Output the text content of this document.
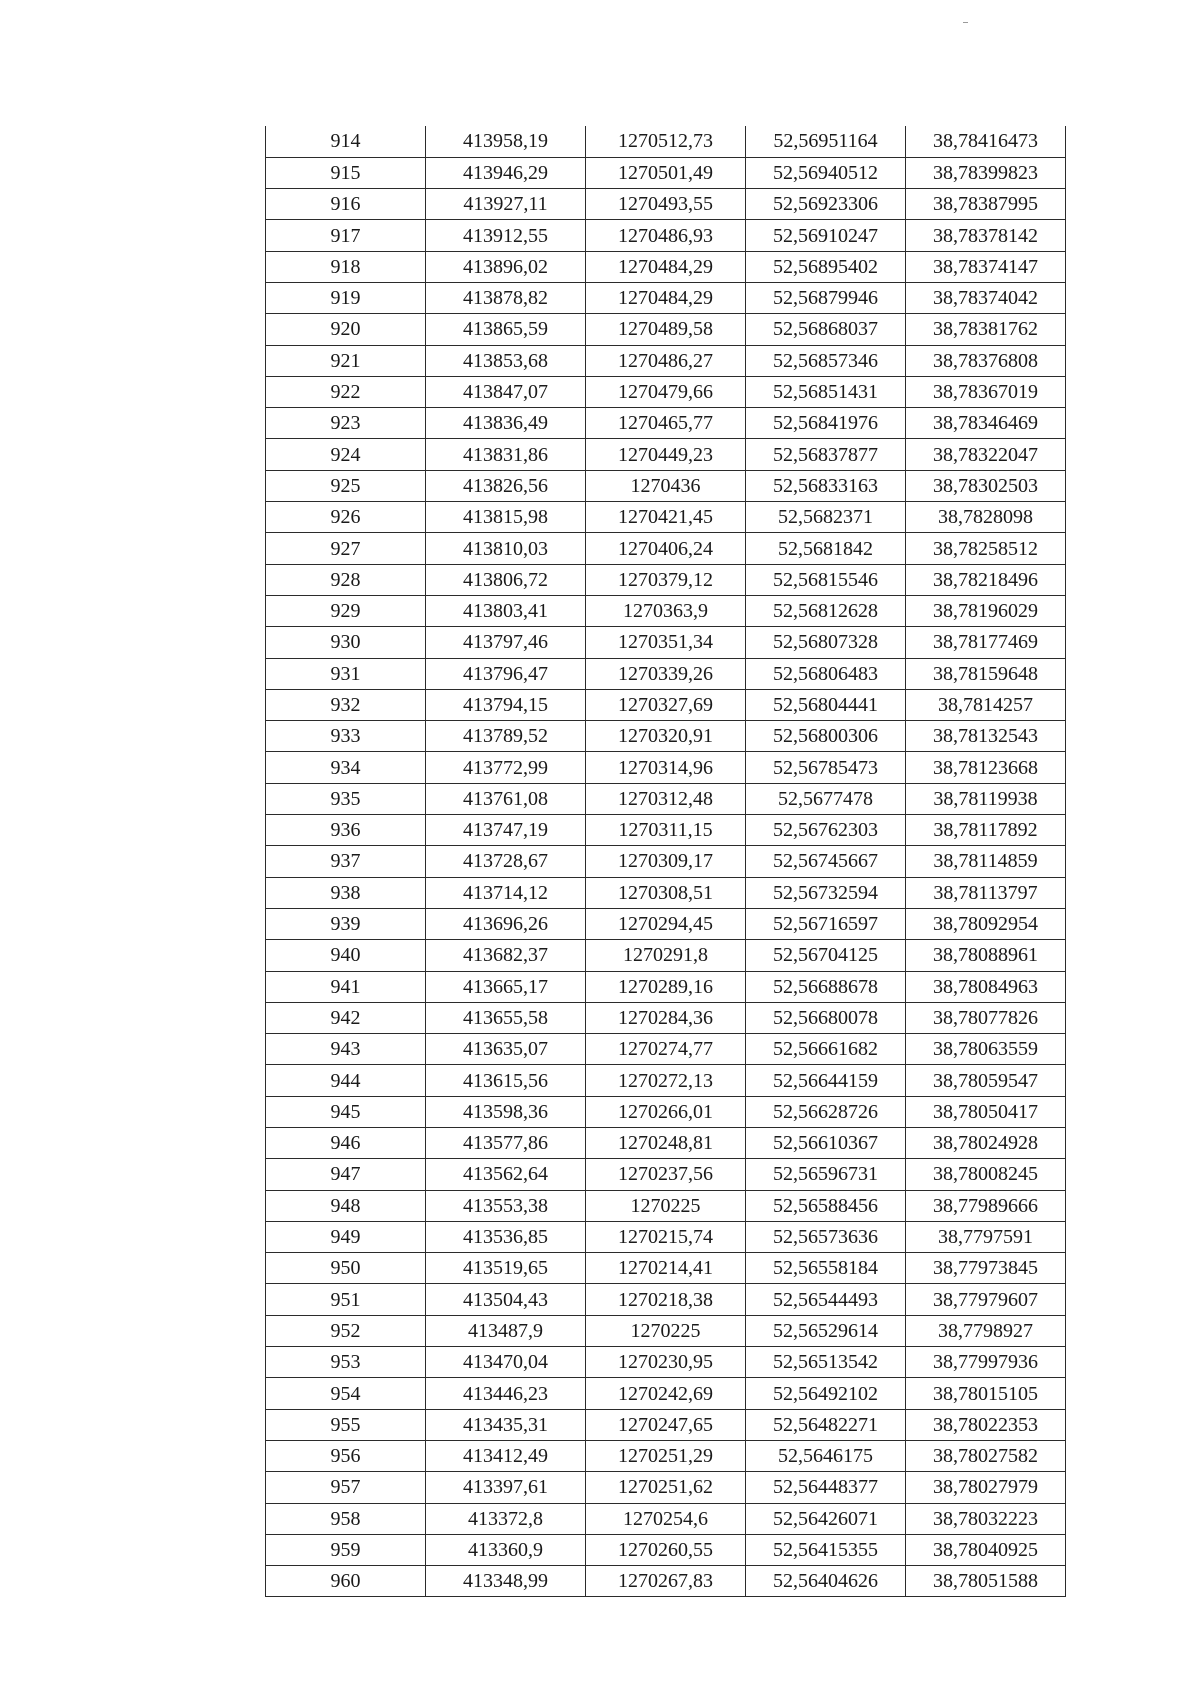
914	413958,19	1270512,73	52,56951164	38,78416473
915	413946,29	1270501,49	52,56940512	38,78399823
916	413927,11	1270493,55	52,56923306	38,78387995
917	413912,55	1270486,93	52,56910247	38,78378142
918	413896,02	1270484,29	52,56895402	38,78374147
919	413878,82	1270484,29	52,56879946	38,78374042
920	413865,59	1270489,58	52,56868037	38,78381762
921	413853,68	1270486,27	52,56857346	38,78376808
922	413847,07	1270479,66	52,56851431	38,78367019
923	413836,49	1270465,77	52,56841976	38,78346469
924	413831,86	1270449,23	52,56837877	38,78322047
925	413826,56	1270436	52,56833163	38,78302503
926	413815,98	1270421,45	52,5682371	38,7828098
927	413810,03	1270406,24	52,5681842	38,78258512
928	413806,72	1270379,12	52,56815546	38,78218496
929	413803,41	1270363,9	52,56812628	38,78196029
930	413797,46	1270351,34	52,56807328	38,78177469
931	413796,47	1270339,26	52,56806483	38,78159648
932	413794,15	1270327,69	52,56804441	38,7814257
933	413789,52	1270320,91	52,56800306	38,78132543
934	413772,99	1270314,96	52,56785473	38,78123668
935	413761,08	1270312,48	52,5677478	38,78119938
936	413747,19	1270311,15	52,56762303	38,78117892
937	413728,67	1270309,17	52,56745667	38,78114859
938	413714,12	1270308,51	52,56732594	38,78113797
939	413696,26	1270294,45	52,56716597	38,78092954
940	413682,37	1270291,8	52,56704125	38,78088961
941	413665,17	1270289,16	52,56688678	38,78084963
942	413655,58	1270284,36	52,56680078	38,78077826
943	413635,07	1270274,77	52,56661682	38,78063559
944	413615,56	1270272,13	52,56644159	38,78059547
945	413598,36	1270266,01	52,56628726	38,78050417
946	413577,86	1270248,81	52,56610367	38,78024928
947	413562,64	1270237,56	52,56596731	38,78008245
948	413553,38	1270225	52,56588456	38,77989666
949	413536,85	1270215,74	52,56573636	38,7797591
950	413519,65	1270214,41	52,56558184	38,77973845
951	413504,43	1270218,38	52,56544493	38,77979607
952	413487,9	1270225	52,56529614	38,7798927
953	413470,04	1270230,95	52,56513542	38,77997936
954	413446,23	1270242,69	52,56492102	38,78015105
955	413435,31	1270247,65	52,56482271	38,78022353
956	413412,49	1270251,29	52,5646175	38,78027582
957	413397,61	1270251,62	52,56448377	38,78027979
958	413372,8	1270254,6	52,56426071	38,78032223
959	413360,9	1270260,55	52,56415355	38,78040925
960	413348,99	1270267,83	52,56404626	38,78051588
